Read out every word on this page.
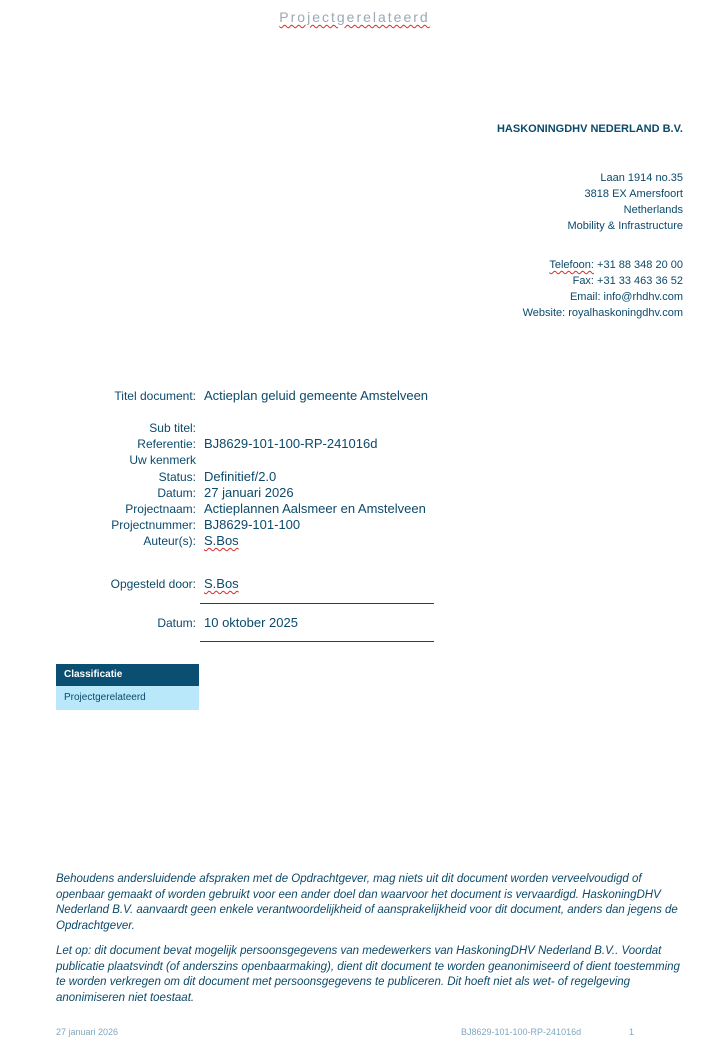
Projectgerelateerd
HASKONINGDHV NEDERLAND B.V.
Laan 1914 no.35
3818 EX Amersfoort
Netherlands
Mobility & Infrastructure
Telefoon: +31 88 348 20 00
Fax: +31 33 463 36 52
Email: info@rhdhv.com
Website: royalhaskoningdhv.com
Titel document: Actieplan geluid gemeente Amstelveen
Sub titel:
Referentie: BJ8629-101-100-RP-241016d
Uw kenmerk
Status: Definitief/2.0
Datum: 27 januari 2026
Projectnaam: Actieplannen Aalsmeer en Amstelveen
Projectnummer: BJ8629-101-100
Auteur(s): S.Bos
Opgesteld door: S.Bos
Datum: 10 oktober 2025
Classificatie
Projectgerelateerd
Behoudens andersluidende afspraken met de Opdrachtgever, mag niets uit dit document worden verveelvoudigd of openbaar gemaakt of worden gebruikt voor een ander doel dan waarvoor het document is vervaardigd. HaskoningDHV Nederland B.V. aanvaardt geen enkele verantwoordelijkheid of aansprakelijkheid voor dit document, anders dan jegens de Opdrachtgever.
Let op: dit document bevat mogelijk persoonsgegevens van medewerkers van HaskoningDHV Nederland B.V.. Voordat publicatie plaatsvindt (of anderszins openbaarmaking), dient dit document te worden geanonimiseerd of dient toestemming te worden verkregen om dit document met persoonsgegevens te publiceren. Dit hoeft niet als wet- of regelgeving anonimiseren niet toestaat.
27 januari 2026	BJ8629-101-100-RP-241016d	1
